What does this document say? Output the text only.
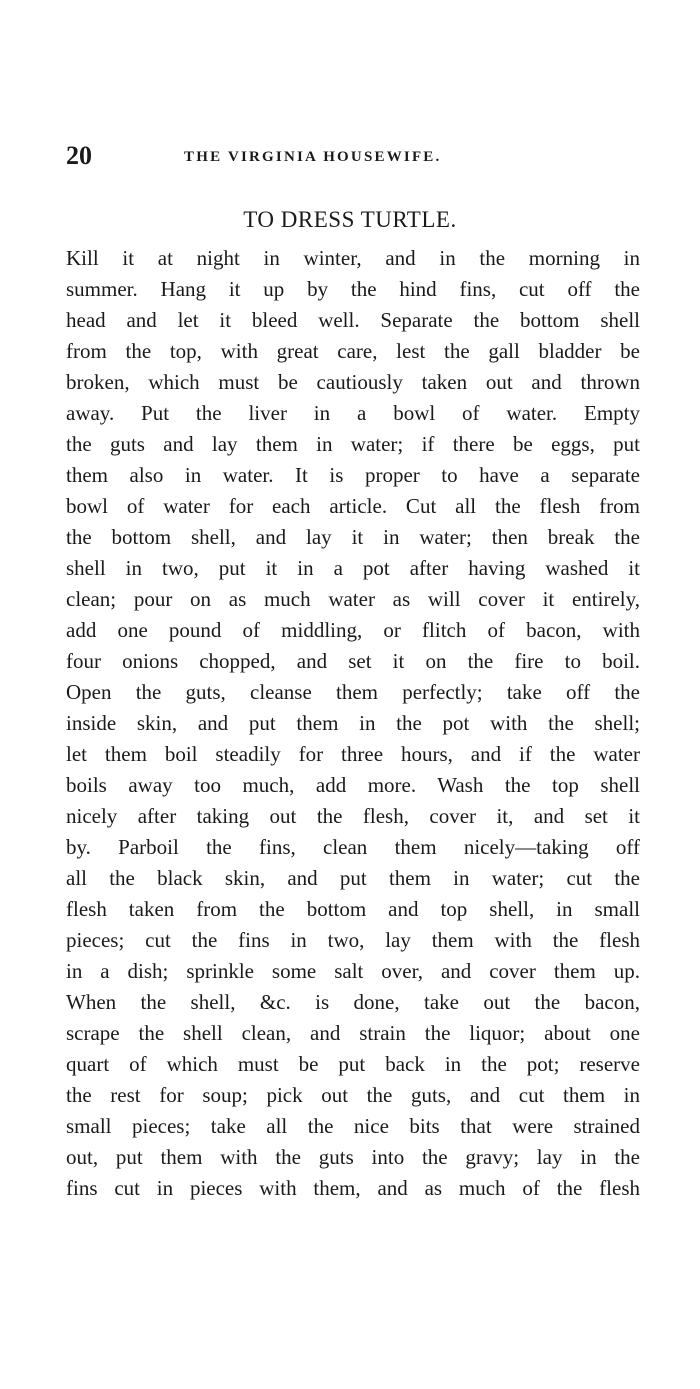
20	THE VIRGINIA HOUSEWIFE.
TO DRESS TURTLE.
Kill it at night in winter, and in the morning in
summer. Hang it up by the hind fins, cut off the
head and let it bleed well. Separate the bottom shell
from the top, with great care, lest the gall bladder be
broken, which must be cautiously taken out and thrown
away. Put the liver in a bowl of water. Empty
the guts and lay them in water; if there be eggs, put
them also in water. It is proper to have a separate
bowl of water for each article. Cut all the flesh from
the bottom shell, and lay it in water; then break the
shell in two, put it in a pot after having washed it
clean; pour on as much water as will cover it entirely,
add one pound of middling, or flitch of bacon, with
four onions chopped, and set it on the fire to boil.
Open the guts, cleanse them perfectly; take off the
inside skin, and put them in the pot with the shell;
let them boil steadily for three hours, and if the water
boils away too much, add more. Wash the top shell
nicely after taking out the flesh, cover it, and set it
by. Parboil the fins, clean them nicely—taking off
all the black skin, and put them in water; cut the
flesh taken from the bottom and top shell, in small
pieces; cut the fins in two, lay them with the flesh
in a dish; sprinkle some salt over, and cover them up.
When the shell, &c. is done, take out the bacon,
scrape the shell clean, and strain the liquor; about one
quart of which must be put back in the pot; reserve
the rest for soup; pick out the guts, and cut them in
small pieces; take all the nice bits that were strained
out, put them with the guts into the gravy; lay in the
fins cut in pieces with them, and as much of the flesh
